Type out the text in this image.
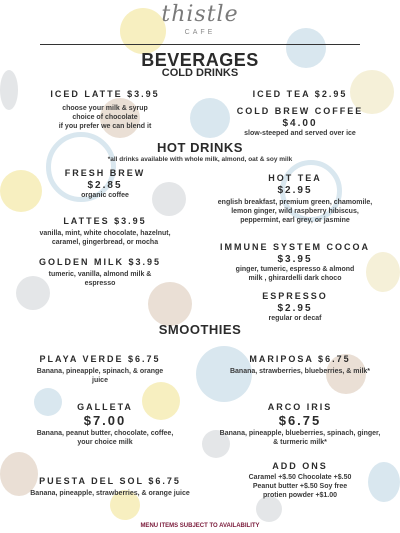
thistle
CAFE
BEVERAGES
COLD DRINKS
ICED LATTE $3.95
choose your milk & syrup
choice of chocolate
if you prefer we can blend it
ICED TEA $2.95
COLD BREW COFFEE
$4.00
slow-steeped and served over ice
HOT DRINKS
*all drinks available with whole milk, almond, oat & soy milk
FRESH BREW
$2.85
organic coffee
HOT TEA
$2.95
english breakfast, premium green, chamomile,
lemon ginger, wild raspberry hibiscus,
peppermint, earl grey, or jasmine
LATTES $3.95
vanilla, mint, white chocolate, hazelnut,
caramel, gingerbread, or mocha	IMMUNE SYSTEM COCOA
$3.95
ginger, tumeric, espresso & almond
milk , ghirardelli dark choco
GOLDEN MILK $3.95
tumeric, vanilla, almond milk &
espresso
ESPRESSO
$2.95
regular or decaf
SMOOTHIES
PLAYA VERDE $6.75
Banana, pineapple, spinach, & orange
juice
MARIPOSA $6.75
Banana, strawberries, blueberries, & milk*
GALLETA
$7.00
Banana, peanut butter, chocolate, coffee,
your choice milk
ARCO IRIS
$6.75
Banana, pineapple, blueberries, spinach, ginger,
& turmeric milk*
ADD ONS
Caramel +$.50 Chocolate +$.50
Peanut butter +$.50 Soy free
protien powder +$1.00
PUESTA DEL SOL $6.75
Banana, pineapple, strawberries, & orange juice
MENU ITEMS SUBJECT TO AVAILABILITY
